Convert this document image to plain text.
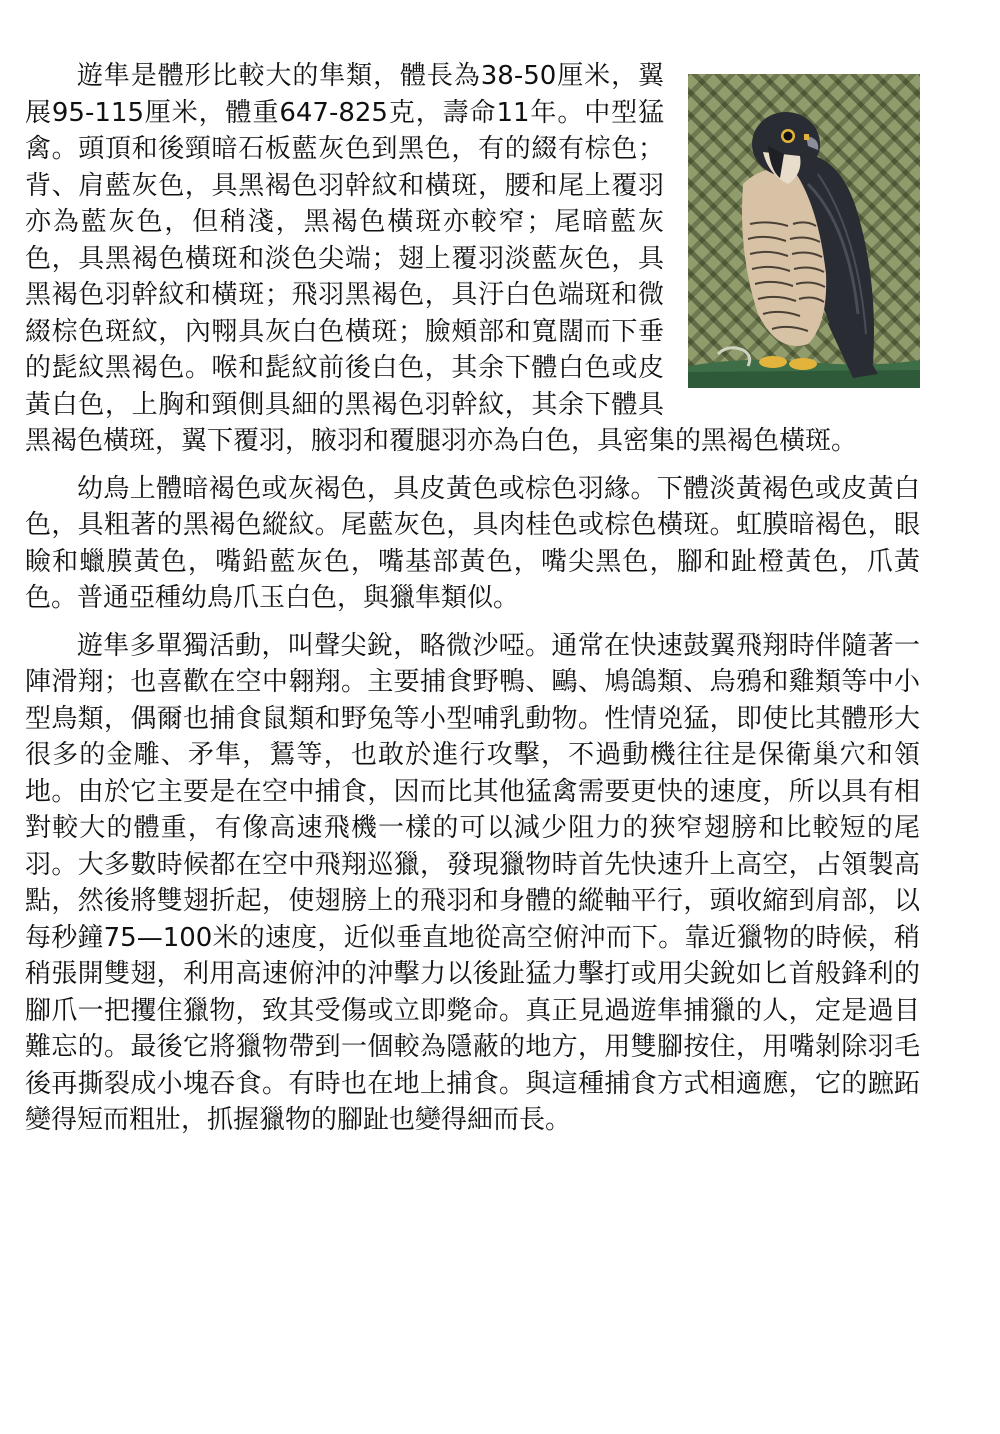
遊隼是體形比較大的隼類，體長為38-50厘米，翼展95-115厘米，體重647-825克，壽命11年。中型猛禽。頭頂和後頸暗石板藍灰色到黑色，有的綴有棕色；背、肩藍灰色，具黑褐色羽幹紋和橫斑，腰和尾上覆羽亦為藍灰色，但稍淺，黑褐色橫斑亦較窄；尾暗藍灰色，具黑褐色橫斑和淡色尖端；翅上覆羽淡藍灰色，具黑褐色羽幹紋和橫斑；飛羽黑褐色，具汙白色端斑和微綴棕色斑紋，內翈具灰白色橫斑；臉頰部和寬闊而下垂的髭紋黑褐色。喉和髭紋前後白色，其余下體白色或皮黃白色，上胸和頸側具細的黑褐色羽幹紋，其余下體具黑褐色橫斑，翼下覆羽，腋羽和覆腿羽亦為白色，具密集的黑褐色橫斑。

幼鳥上體暗褐色或灰褐色，具皮黃色或棕色羽緣。下體淡黃褐色或皮黃白色，具粗著的黑褐色縱紋。尾藍灰色，具肉桂色或棕色橫斑。虹膜暗褐色，眼瞼和蠟膜黃色，嘴鉛藍灰色，嘴基部黃色，嘴尖黑色，腳和趾橙黃色，爪黃色。普通亞種幼鳥爪玉白色，與獵隼類似。

遊隼多單獨活動，叫聲尖銳，略微沙啞。通常在快速鼓翼飛翔時伴隨著一陣滑翔；也喜歡在空中翱翔。主要捕食野鴨、鷗、鳩鴿類、烏鴉和雞類等中小型鳥類，偶爾也捕食鼠類和野兔等小型哺乳動物。性情兇猛，即使比其體形大很多的金雕、矛隼，鵟等，也敢於進行攻擊，不過動機往往是保衛巢穴和領地。由於它主要是在空中捕食，因而比其他猛禽需要更快的速度，所以具有相對較大的體重，有像高速飛機一樣的可以減少阻力的狹窄翅膀和比較短的尾羽。大多數時候都在空中飛翔巡獵，發現獵物時首先快速升上高空，占領製高點，然後將雙翅折起，使翅膀上的飛羽和身體的縱軸平行，頭收縮到肩部，以每秒鐘75—100米的速度，近似垂直地從高空俯沖而下。靠近獵物的時候，稍稍張開雙翅，利用高速俯沖的沖擊力以後趾猛力擊打或用尖銳如匕首般鋒利的腳爪一把攫住獵物，致其受傷或立即斃命。真正見過遊隼捕獵的人，定是過目難忘的。最後它將獵物帶到一個較為隱蔽的地方，用雙腳按住，用嘴剝除羽毛後再撕裂成小塊吞食。有時也在地上捕食。與這種捕食方式相適應，它的蹠跖變得短而粗壯，抓握獵物的腳趾也變得細而長。
